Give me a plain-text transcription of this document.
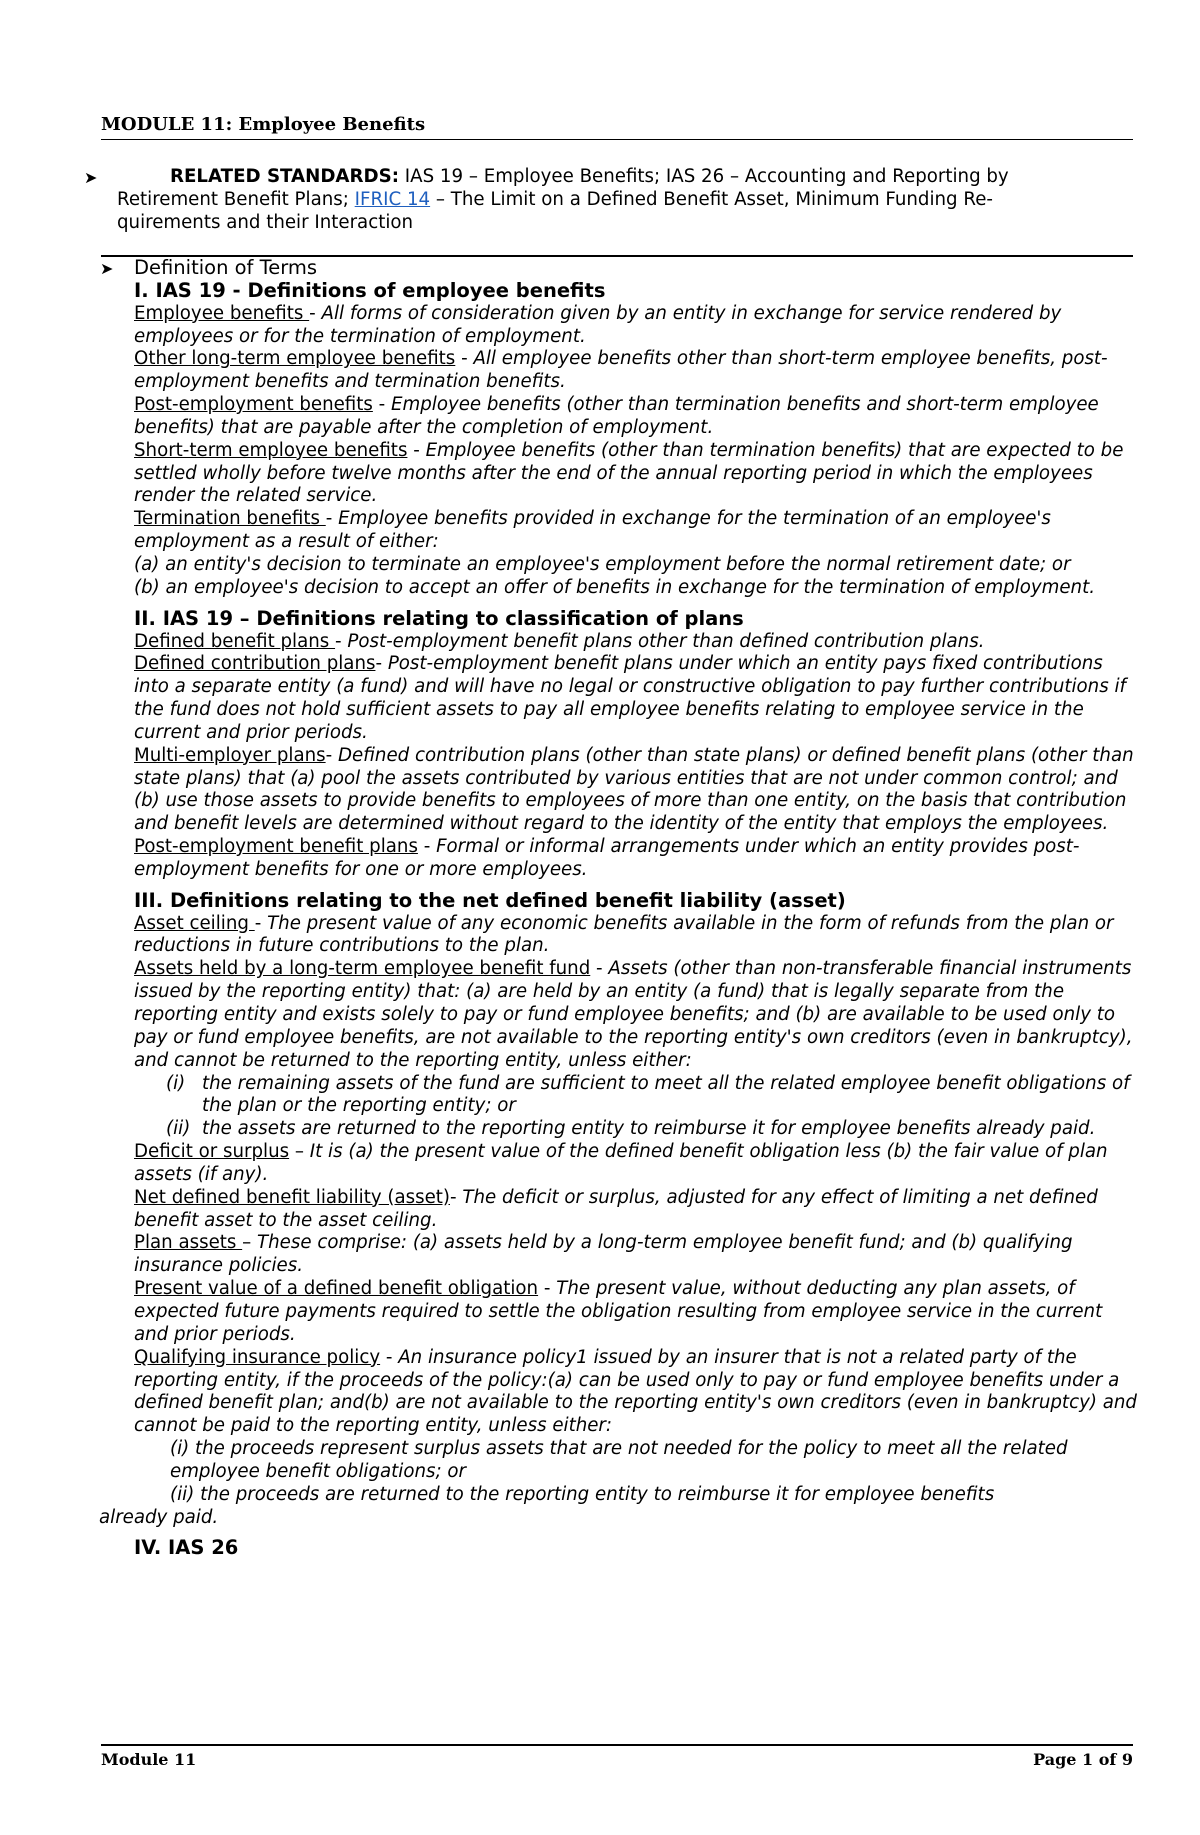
MODULE 11: Employee Benefits
➤	RELATED STANDARDS: IAS 19 – Employee Benefits; IAS 26 – Accounting and Reporting by
Retirement Benefit Plans; IFRIC 14 – The Limit on a Defined Benefit Asset, Minimum Funding Re-
quirements and their Interaction
➤ Definition of Terms

I. IAS 19 - Definitions of employee benefits

Employee benefits - All forms of consideration given by an entity in exchange for service rendered by employees or for the termination of employment.

Other long-term employee benefits - All employee benefits other than short-term employee benefits, post-employment benefits and termination benefits.

Post-employment benefits - Employee benefits (other than termination benefits and short-term employee benefits) that are payable after the completion of employment.

Short-term employee benefits - Employee benefits (other than termination benefits) that are expected to be settled wholly before twelve months after the end of the annual reporting period in which the employees render the related service.

Termination benefits - Employee benefits provided in exchange for the termination of an employee's employment as a result of either:

(a) an entity's decision to terminate an employee's employment before the normal retirement date; or

(b) an employee's decision to accept an offer of benefits in exchange for the termination of employment.

II. IAS 19 – Definitions relating to classification of plans

Defined benefit plans - Post-employment benefit plans other than defined contribution plans.

Defined contribution plans- Post-employment benefit plans under which an entity pays fixed contributions into a separate entity (a fund) and will have no legal or constructive obligation to pay further contributions if the fund does not hold sufficient assets to pay all employee benefits relating to employee service in the current and prior periods.

Multi-employer plans- Defined contribution plans (other than state plans) or defined benefit plans (other than state plans) that (a) pool the assets contributed by various entities that are not under common control; and

(b) use those assets to provide benefits to employees of more than one entity, on the basis that contribution and benefit levels are determined without regard to the identity of the entity that employs the employees.

Post-employment benefit plans - Formal or informal arrangements under which an entity provides post-employment benefits for one or more employees.

III. Definitions relating to the net defined benefit liability (asset)

Asset ceiling - The present value of any economic benefits available in the form of refunds from the plan or reductions in future contributions to the plan.

Assets held by a long-term employee benefit fund - Assets (other than non-transferable financial instruments issued by the reporting entity) that: (a) are held by an entity (a fund) that is legally separate from the reporting entity and exists solely to pay or fund employee benefits; and (b) are available to be used only to pay or fund employee benefits, are not available to the reporting entity's own creditors (even in bankruptcy), and cannot be returned to the reporting entity, unless either:

(i) the remaining assets of the fund are sufficient to meet all the related employee benefit obligations of the plan or the reporting entity; or

(ii) the assets are returned to the reporting entity to reimburse it for employee benefits already paid.

Deficit or surplus – It is (a) the present value of the defined benefit obligation less (b) the fair value of plan assets (if any).

Net defined benefit liability (asset)- The deficit or surplus, adjusted for any effect of limiting a net defined benefit asset to the asset ceiling.

Plan assets – These comprise: (a) assets held by a long-term employee benefit fund; and (b) qualifying insurance policies.

Present value of a defined benefit obligation - The present value, without deducting any plan assets, of expected future payments required to settle the obligation resulting from employee service in the current and prior periods.

Qualifying insurance policy - An insurance policy1 issued by an insurer that is not a related party of the reporting entity, if the proceeds of the policy:(a) can be used only to pay or fund employee benefits under a defined benefit plan; and(b) are not available to the reporting entity's own creditors (even in bankruptcy) and cannot be paid to the reporting entity, unless either:

(i) the proceeds represent surplus assets that are not needed for the policy to meet all the related employee benefit obligations; or

(ii) the proceeds are returned to the reporting entity to reimburse it for employee benefits

already paid.

IV. IAS 26

Module 11	Page 1 of 9
